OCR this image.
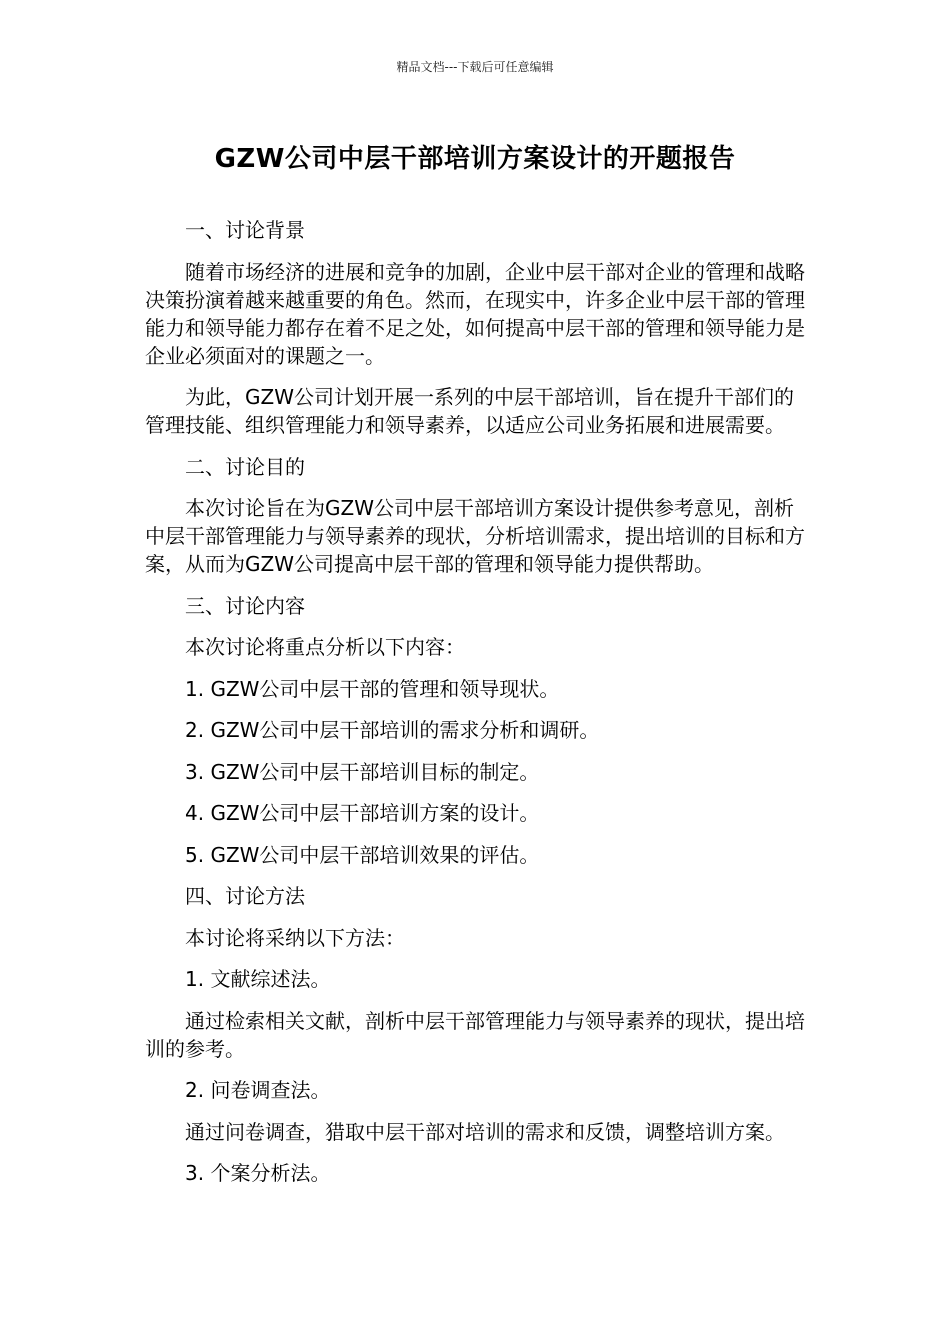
精品文档---下载后可任意编辑
GZW公司中层干部培训方案设计的开题报告

一、讨论背景

随着市场经济的进展和竞争的加剧，企业中层干部对企业的管理和战略决策扮演着越来越重要的角色。然而，在现实中，许多企业中层干部的管理能力和领导能力都存在着不足之处，如何提高中层干部的管理和领导能力是企业必须面对的课题之一。

为此，GZW公司计划开展一系列的中层干部培训，旨在提升干部们的管理技能、组织管理能力和领导素养，以适应公司业务拓展和进展需要。

二、讨论目的

本次讨论旨在为GZW公司中层干部培训方案设计提供参考意见，剖析中层干部管理能力与领导素养的现状，分析培训需求，提出培训的目标和方案，从而为GZW公司提高中层干部的管理和领导能力提供帮助。

三、讨论内容

本次讨论将重点分析以下内容：

1. GZW公司中层干部的管理和领导现状。

2. GZW公司中层干部培训的需求分析和调研。

3. GZW公司中层干部培训目标的制定。

4. GZW公司中层干部培训方案的设计。

5. GZW公司中层干部培训效果的评估。

四、讨论方法

本讨论将采纳以下方法：

1. 文献综述法。

通过检索相关文献，剖析中层干部管理能力与领导素养的现状，提出培训的参考。

2. 问卷调查法。

通过问卷调查，猎取中层干部对培训的需求和反馈，调整培训方案。

3. 个案分析法。
